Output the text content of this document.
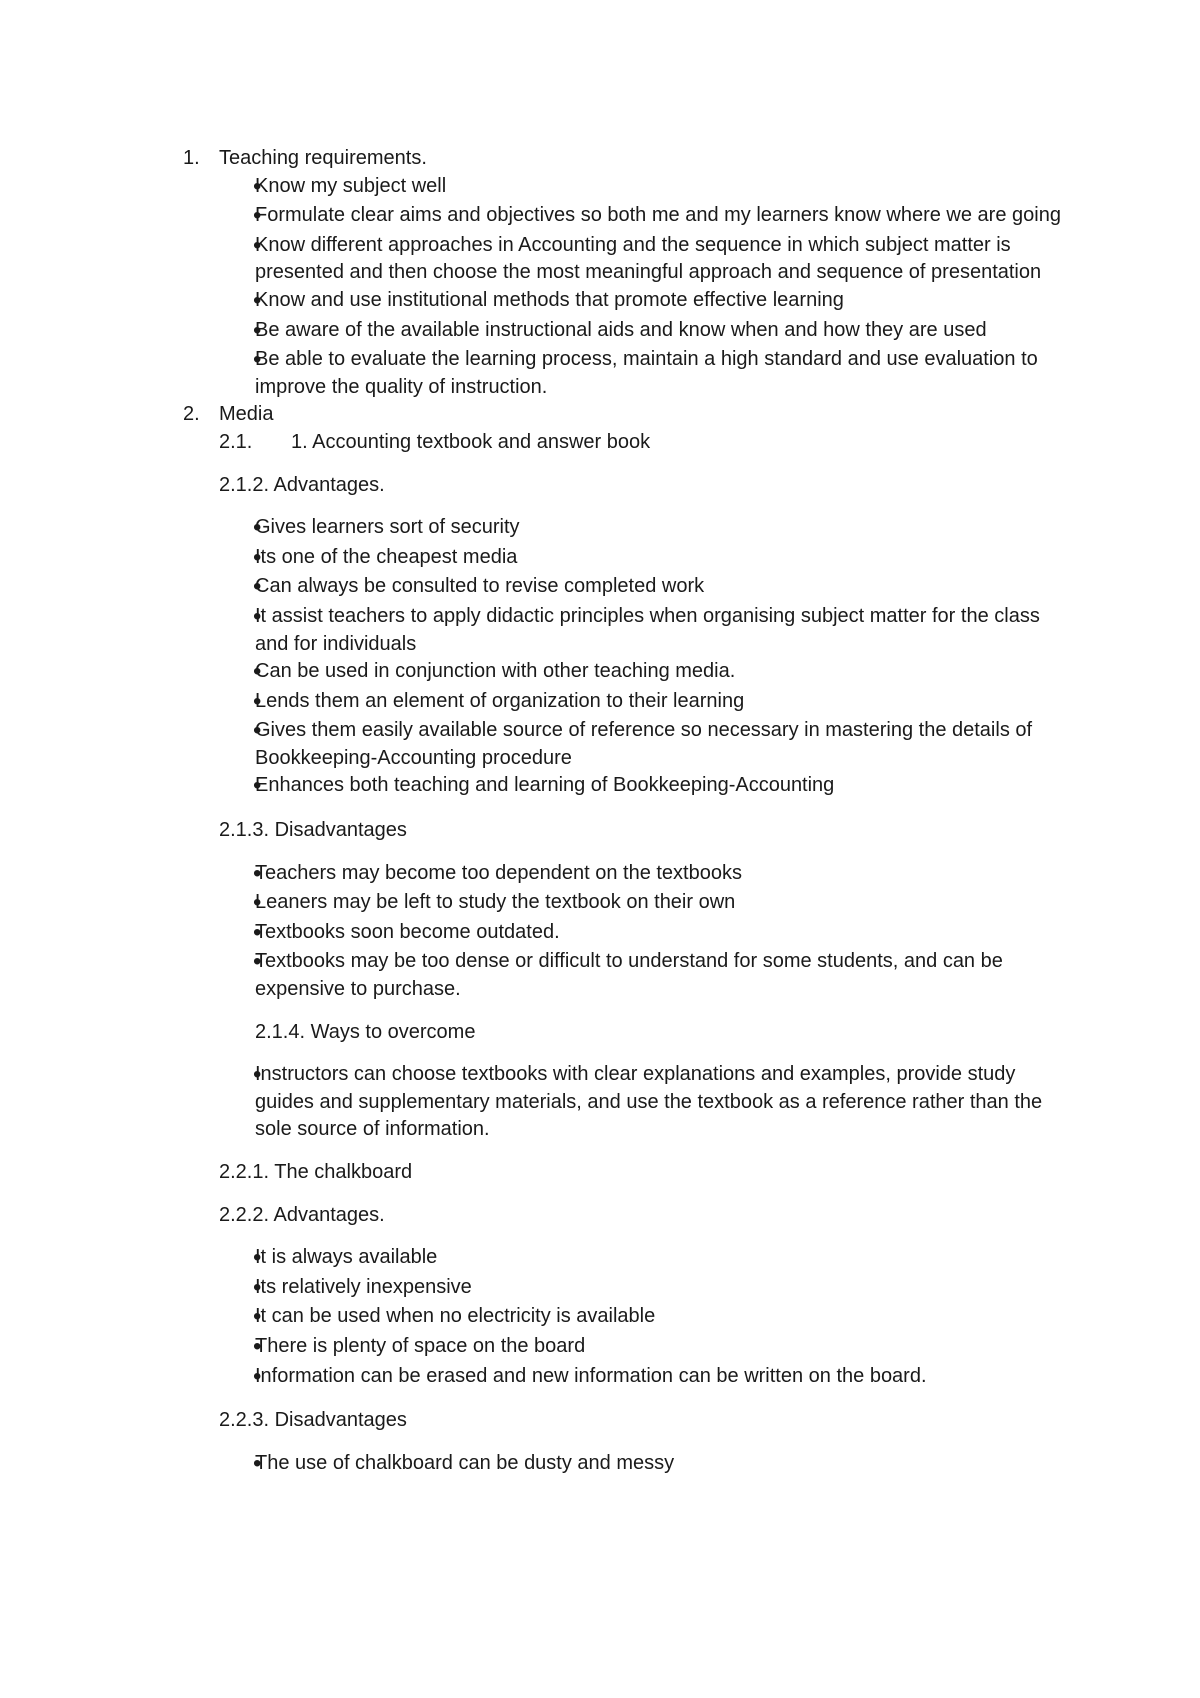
1. Teaching requirements.
•
Know my subject well
•
Formulate clear aims and objectives so both me and my learners know where we are going
•
Know different approaches in Accounting and the sequence in which subject matter is presented and then choose the most meaningful approach and sequence of presentation
•
Know and use institutional methods that promote effective learning
•
Be aware of the available instructional aids and know when and how they are used
•
Be able to evaluate the learning process, maintain a high standard and use evaluation to improve the quality of instruction.
2. Media
2.1.	1. Accounting textbook and answer book
2.1.2. Advantages.
•
Gives learners sort of security
•
Its one of the cheapest media
•
Can always be consulted to revise completed work
•
It assist teachers to apply didactic principles when organising subject matter for the class and for individuals
•
Can be used in conjunction with other teaching media.
•
Lends them an element of organization to their learning
•
Gives them easily available source of reference so necessary in mastering the details of Bookkeeping-Accounting procedure
•
Enhances both teaching and learning of Bookkeeping-Accounting
2.1.3. Disadvantages
•
Teachers may become too dependent on the textbooks
•
Leaners may be left to study the textbook on their own
•
Textbooks soon become outdated.
•
Textbooks may be too dense or difficult to understand for some students, and can be expensive to purchase.
2.1.4. Ways to overcome
•
Instructors can choose textbooks with clear explanations and examples, provide study guides and supplementary materials, and use the textbook as a reference rather than the sole source of information.
2.2.1. The chalkboard
2.2.2. Advantages.
•
It is always available
•
Its relatively inexpensive
•
It can be used when no electricity is available
•
There is plenty of space on the board
•
Information can be erased and new information can be written on the board.
2.2.3. Disadvantages
•
The use of chalkboard can be dusty and messy
